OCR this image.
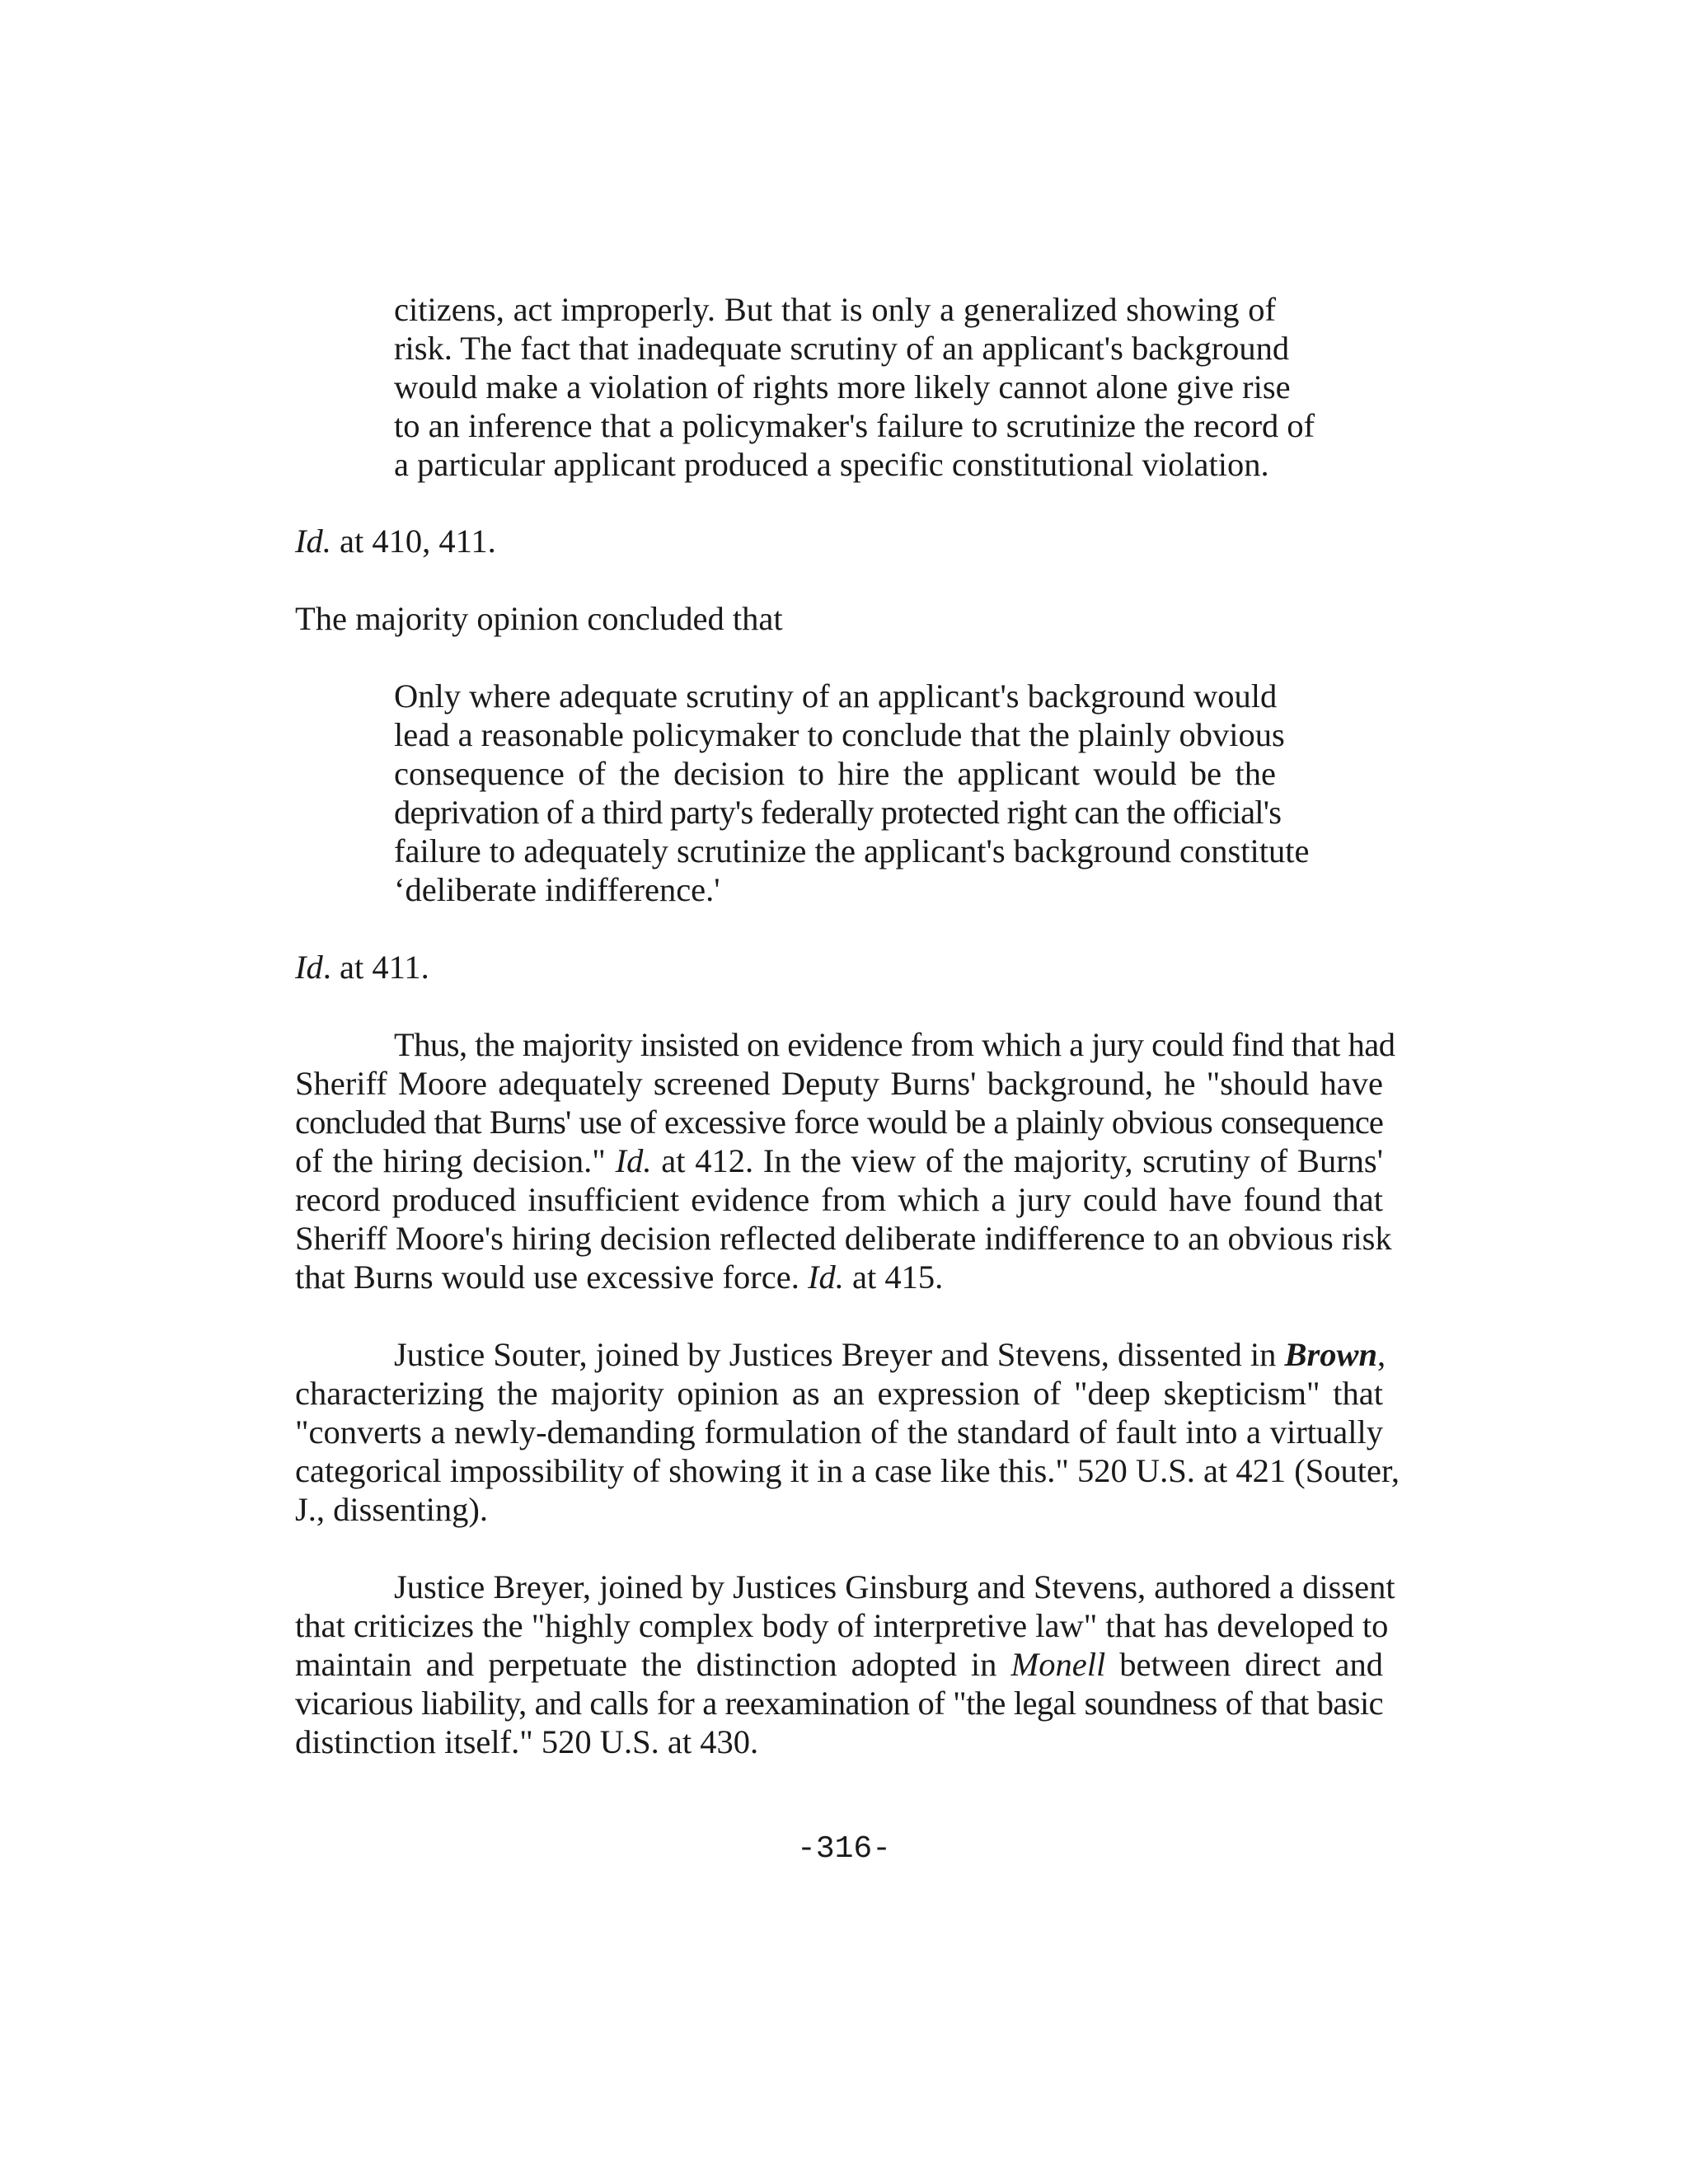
citizens, act improperly. But that is only a generalized showing of
risk. The fact that inadequate scrutiny of an applicant's background
would make a violation of rights more likely cannot alone give rise
to an inference that a policymaker's failure to scrutinize the record of
a particular applicant produced a specific constitutional violation.
Id. at 410, 411.
The majority opinion concluded that
Only where adequate scrutiny of an applicant's background would
lead a reasonable policymaker to conclude that the plainly obvious
consequence of the decision to hire the applicant would be the
deprivation of a third party's federally protected right can the official's
failure to adequately scrutinize the applicant's background constitute
‘deliberate indifference.'
Id. at 411.
Thus, the majority insisted on evidence from which a jury could find that had
Sheriff Moore adequately screened Deputy Burns' background, he "should have
concluded that Burns' use of excessive force would be a plainly obvious consequence
of the hiring decision." Id. at 412. In the view of the majority, scrutiny of Burns'
record produced insufficient evidence from which a jury could have found that
Sheriff Moore's hiring decision reflected deliberate indifference to an obvious risk
that Burns would use excessive force. Id. at 415.
Justice Souter, joined by Justices Breyer and Stevens, dissented in Brown,
characterizing the majority opinion as an expression of "deep skepticism" that
"converts a newly-demanding formulation of the standard of fault into a virtually
categorical impossibility of showing it in a case like this." 520 U.S. at 421 (Souter,
J., dissenting).
Justice Breyer, joined by Justices Ginsburg and Stevens, authored a dissent
that criticizes the "highly complex body of interpretive law" that has developed to
maintain and perpetuate the distinction adopted in Monell between direct and
vicarious liability, and calls for a reexamination of "the legal soundness of that basic
distinction itself." 520 U.S. at 430.
-316-
